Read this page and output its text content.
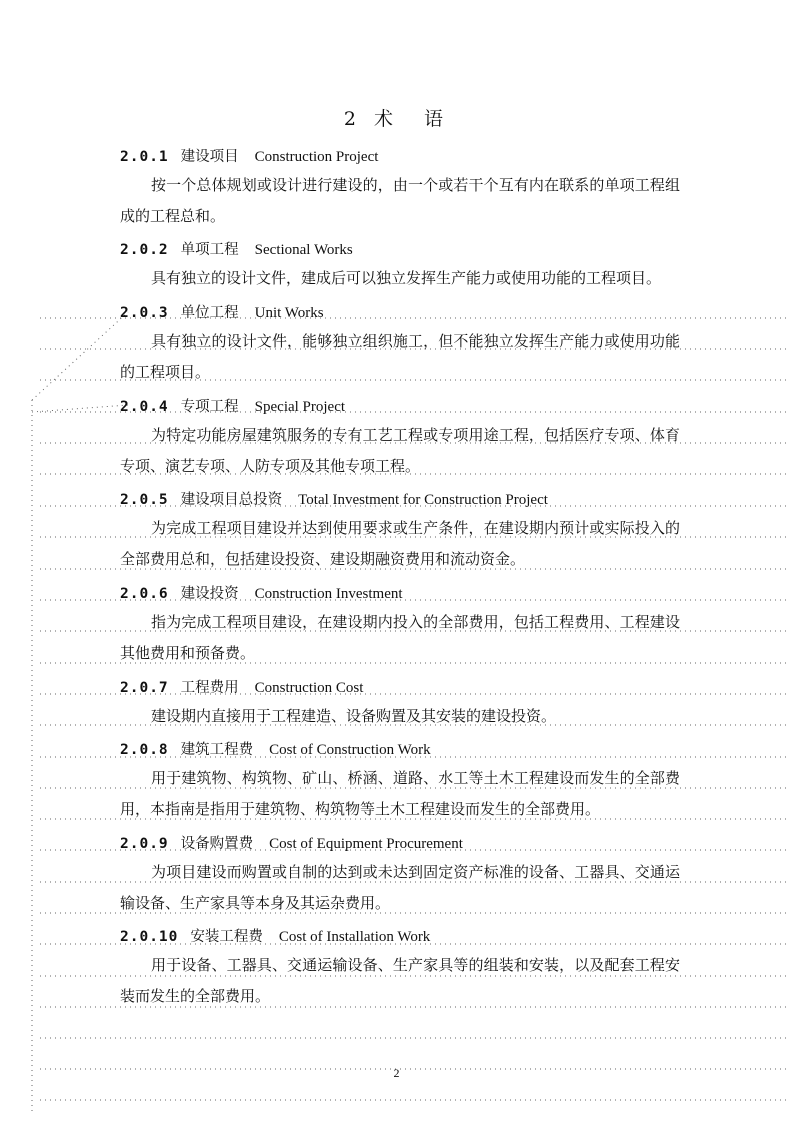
2 术　语
2.0.1 建设项目 Construction Project
按一个总体规划或设计进行建设的，由一个或若干个互有内在联系的单项工程组成的工程总和。
2.0.2 单项工程 Sectional Works
具有独立的设计文件，建成后可以独立发挥生产能力或使用功能的工程项目。
2.0.3 单位工程 Unit Works
具有独立的设计文件，能够独立组织施工，但不能独立发挥生产能力或使用功能的工程项目。
2.0.4 专项工程 Special Project
为特定功能房屋建筑服务的专有工艺工程或专项用途工程，包括医疗专项、体育专项、演艺专项、人防专项及其他专项工程。
2.0.5 建设项目总投资 Total Investment for Construction Project
为完成工程项目建设并达到使用要求或生产条件，在建设期内预计或实际投入的全部费用总和，包括建设投资、建设期融资费用和流动资金。
2.0.6 建设投资 Construction Investment
指为完成工程项目建设，在建设期内投入的全部费用，包括工程费用、工程建设其他费用和预备费。
2.0.7 工程费用 Construction Cost
建设期内直接用于工程建造、设备购置及其安装的建设投资。
2.0.8 建筑工程费 Cost of Construction Work
用于建筑物、构筑物、矿山、桥涵、道路、水工等土木工程建设而发生的全部费用，本指南是指用于建筑物、构筑物等土木工程建设而发生的全部费用。
2.0.9 设备购置费 Cost of Equipment Procurement
为项目建设而购置或自制的达到或未达到固定资产标准的设备、工器具、交通运输设备、生产家具等本身及其运杂费用。
2.0.10 安装工程费 Cost of Installation Work
用于设备、工器具、交通运输设备、生产家具等的组装和安装，以及配套工程安装而发生的全部费用。
2
